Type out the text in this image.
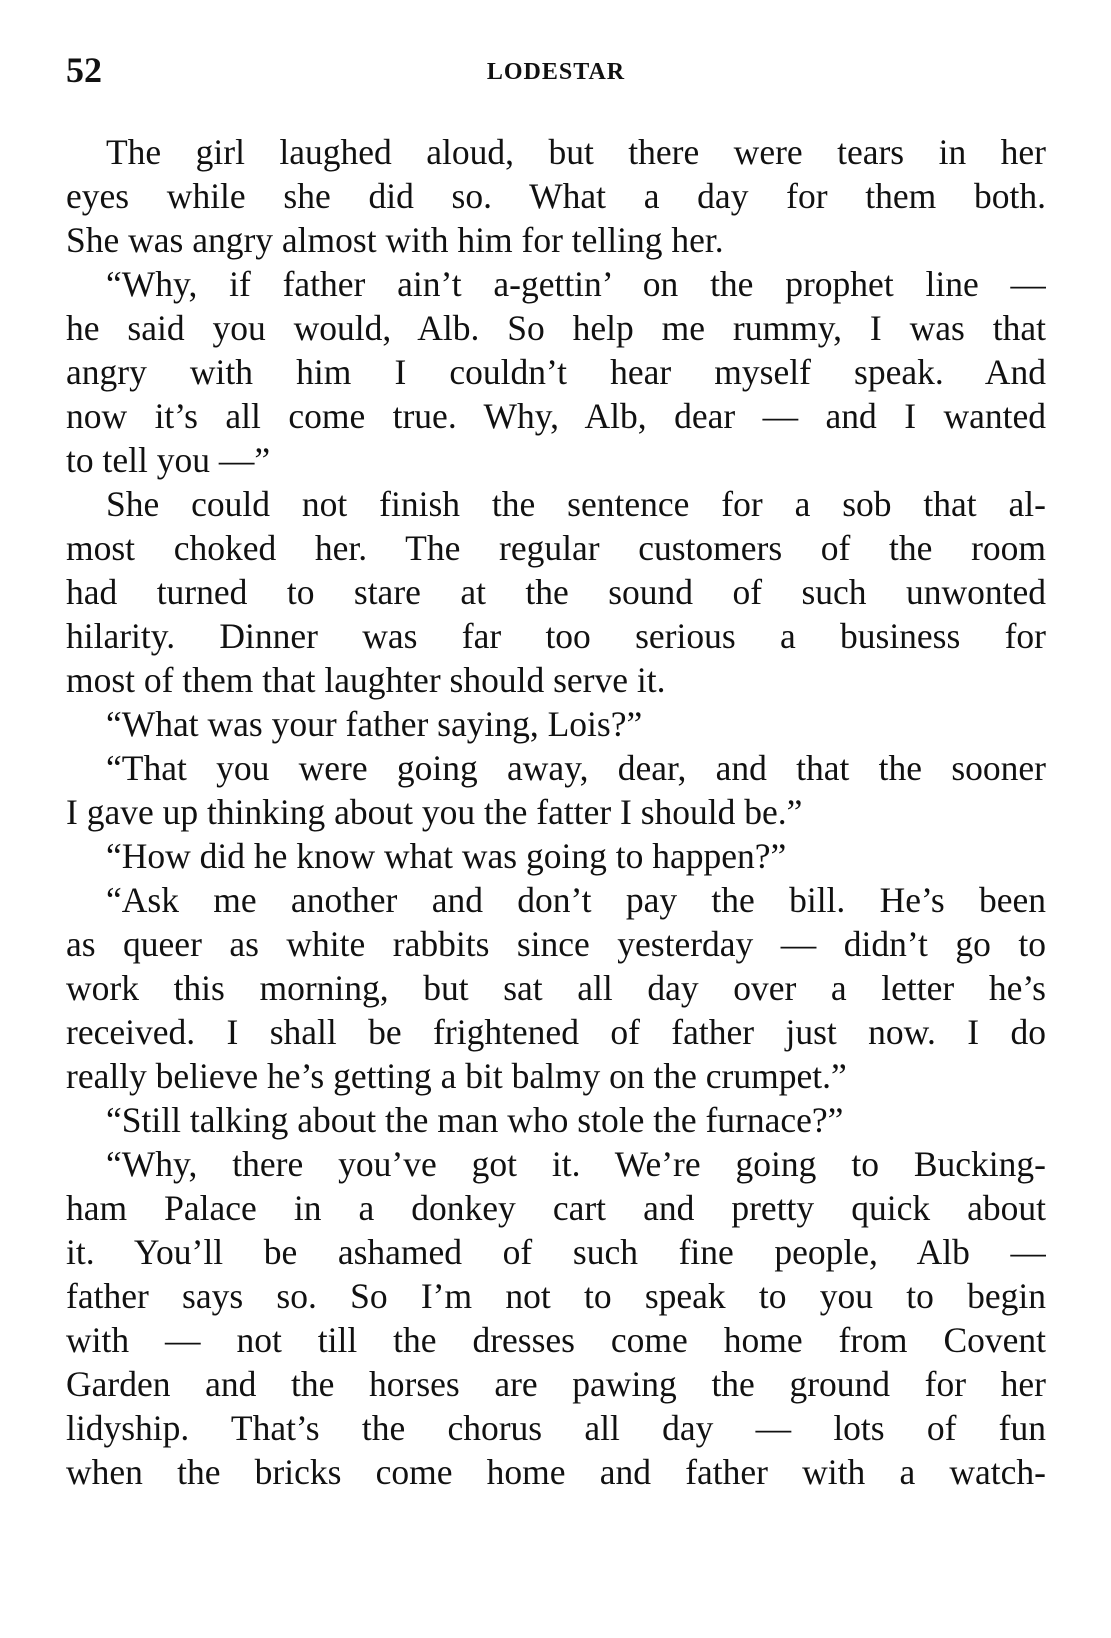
52	LODESTAR
The girl laughed aloud, but there were tears in her
eyes while she did so. What a day for them both.
She was angry almost with him for telling her.
“Why, if father ain’t a-gettin’ on the prophet line —
he said you would, Alb. So help me rummy, I was that
angry with him I couldn’t hear myself speak. And
now it’s all come true. Why, Alb, dear — and I wanted
to tell you —”
She could not finish the sentence for a sob that al-
most choked her. The regular customers of the room
had turned to stare at the sound of such unwonted
hilarity. Dinner was far too serious a business for
most of them that laughter should serve it.
“What was your father saying, Lois?”
“That you were going away, dear, and that the sooner
I gave up thinking about you the fatter I should be.”
“How did he know what was going to happen?”
“Ask me another and don’t pay the bill. He’s been
as queer as white rabbits since yesterday — didn’t go to
work this morning, but sat all day over a letter he’s
received. I shall be frightened of father just now. I do
really believe he’s getting a bit balmy on the crumpet.”
“Still talking about the man who stole the furnace?”
“Why, there you’ve got it. We’re going to Bucking-
ham Palace in a donkey cart and pretty quick about
it. You’ll be ashamed of such fine people, Alb —
father says so. So I’m not to speak to you to begin
with — not till the dresses come home from Covent
Garden and the horses are pawing the ground for her
lidyship. That’s the chorus all day — lots of fun
when the bricks come home and father with a watch-
